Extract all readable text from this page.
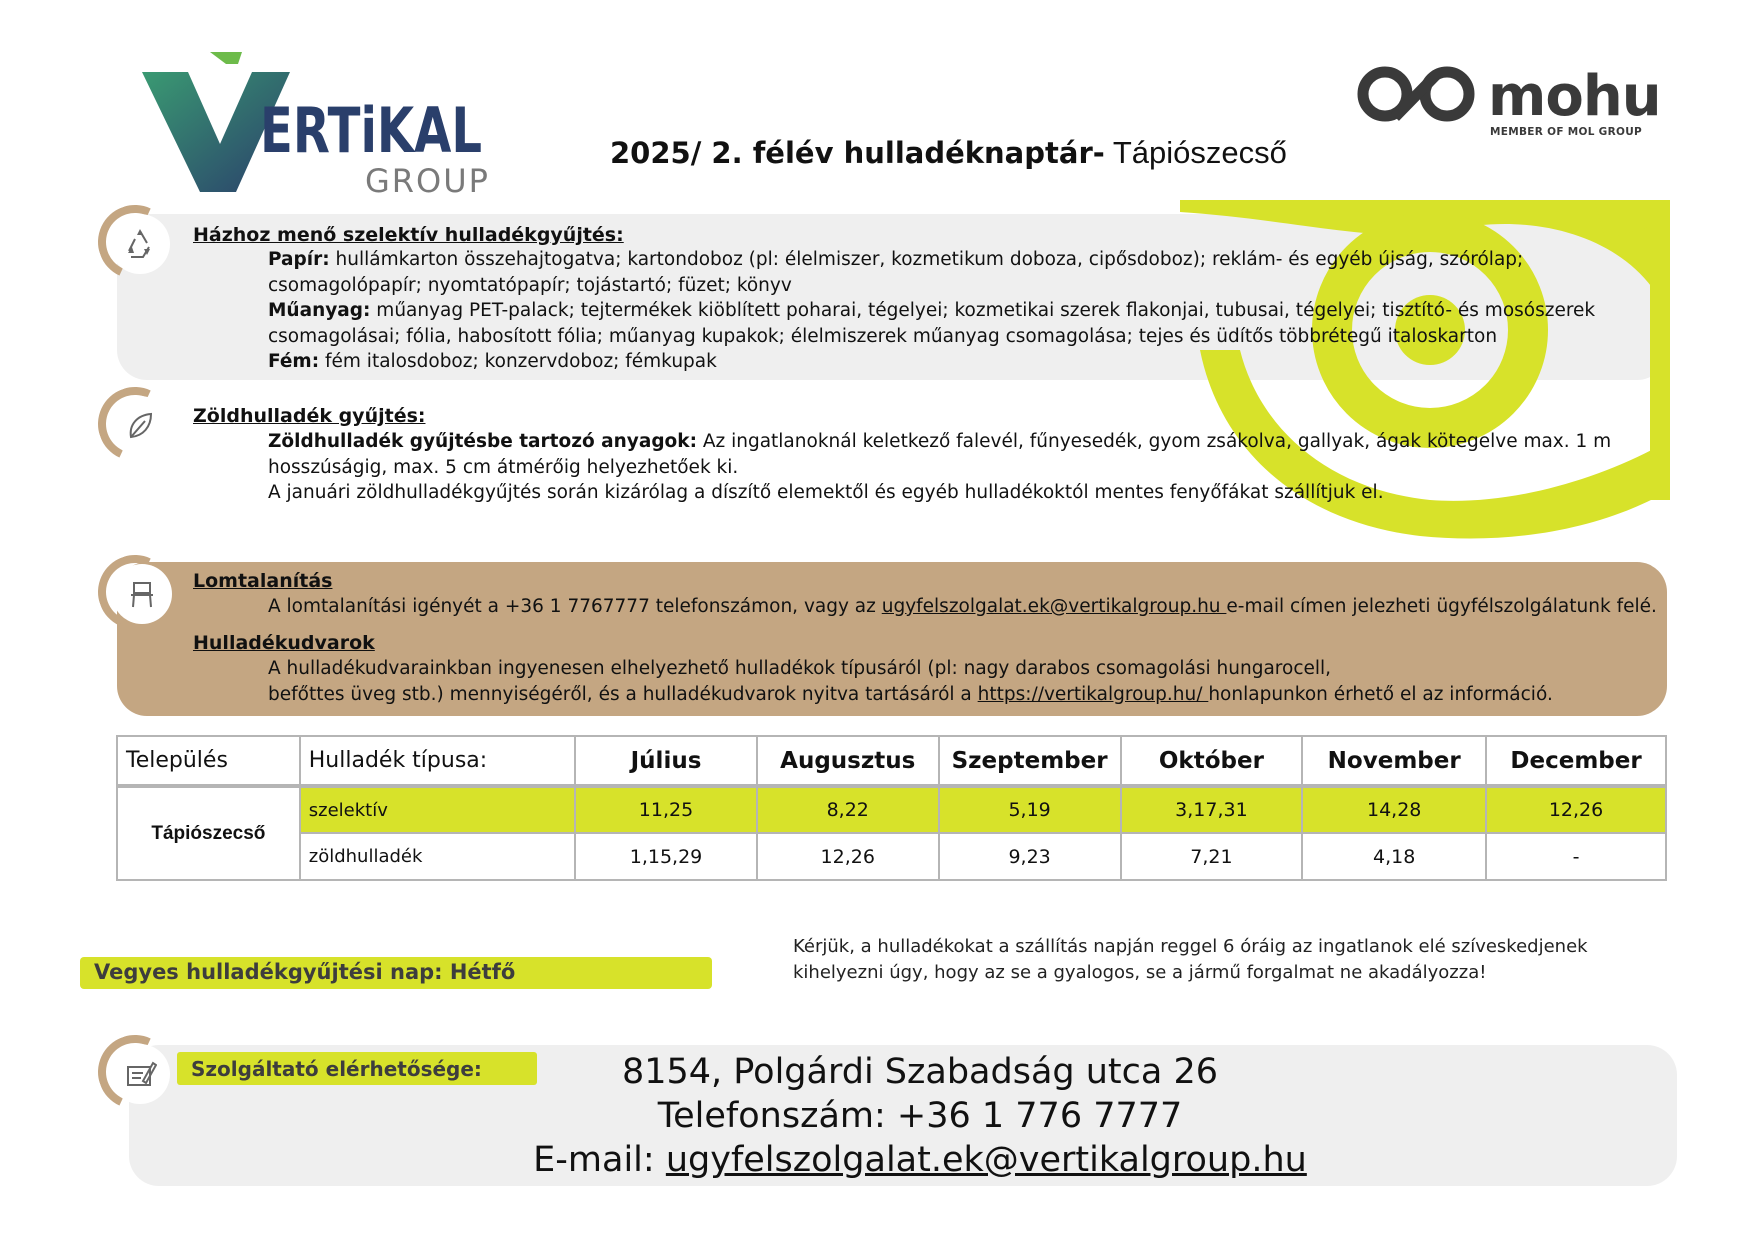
ERTiKAL
GROUP
mohu
MEMBER OF MOL GROUP
2025/ 2. félév hulladéknaptár- Tápiószecső
Házhoz menő szelektív hulladékgyűjtés:
Papír: hullámkarton összehajtogatva; kartondoboz (pl: élelmiszer, kozmetikum doboza, cipősdoboz); reklám- és egyéb újság, szórólap;
csomagolópapír; nyomtatópapír; tojástartó; füzet; könyv
Műanyag: műanyag PET-palack; tejtermékek kiöblített poharai, tégelyei; kozmetikai szerek flakonjai, tubusai, tégelyei; tisztító- és mosószerek
csomagolásai; fólia, habosított fólia; műanyag kupakok; élelmiszerek műanyag csomagolása; tejes és üdítős többrétegű italoskarton
Fém: fém italosdoboz; konzervdoboz; fémkupak
Zöldhulladék gyűjtés:
Zöldhulladék gyűjtésbe tartozó anyagok: Az ingatlanoknál keletkező falevél, fűnyesedék, gyom zsákolva, gallyak, ágak kötegelve max. 1 m
hosszúságig, max. 5 cm átmérőig helyezhetőek ki.
A januári zöldhulladékgyűjtés során kizárólag a díszítő elemektől és egyéb hulladékoktól mentes fenyőfákat szállítjuk el.
Lomtalanítás
A lomtalanítási igényét a +36 1 7767777 telefonszámon, vagy az ugyfelszolgalat.ek@vertikalgroup.hu e-mail címen jelezheti ügyfélszolgálatunk felé.
Hulladékudvarok
A hulladékudvarainkban ingyenesen elhelyezhető hulladékok típusáról (pl: nagy darabos csomagolási hungarocell,
befőttes üveg stb.) mennyiségéről, és a hulladékudvarok nyitva tartásáról a https://vertikalgroup.hu/ honlapunkon érhető el az információ.
Település	Hulladék típusa:	Július	Augusztus	Szeptember	Október	November	December
Tápiószecső	szelektív	11,25	8,22	5,19	3,17,31	14,28	12,26
	zöldhulladék	1,15,29	12,26	9,23	7,21	4,18	-
Vegyes hulladékgyűjtési nap: Hétfő
Kérjük, a hulladékokat a szállítás napján reggel 6 óráig az ingatlanok elé szíveskedjenek
kihelyezni úgy, hogy az se a gyalogos, se a jármű forgalmat ne akadályozza!
Szolgáltató elérhetősége:	8154, Polgárdi Szabadság utca 26
Telefonszám: +36 1 776 7777
E-mail: ugyfelszolgalat.ek@vertikalgroup.hu
